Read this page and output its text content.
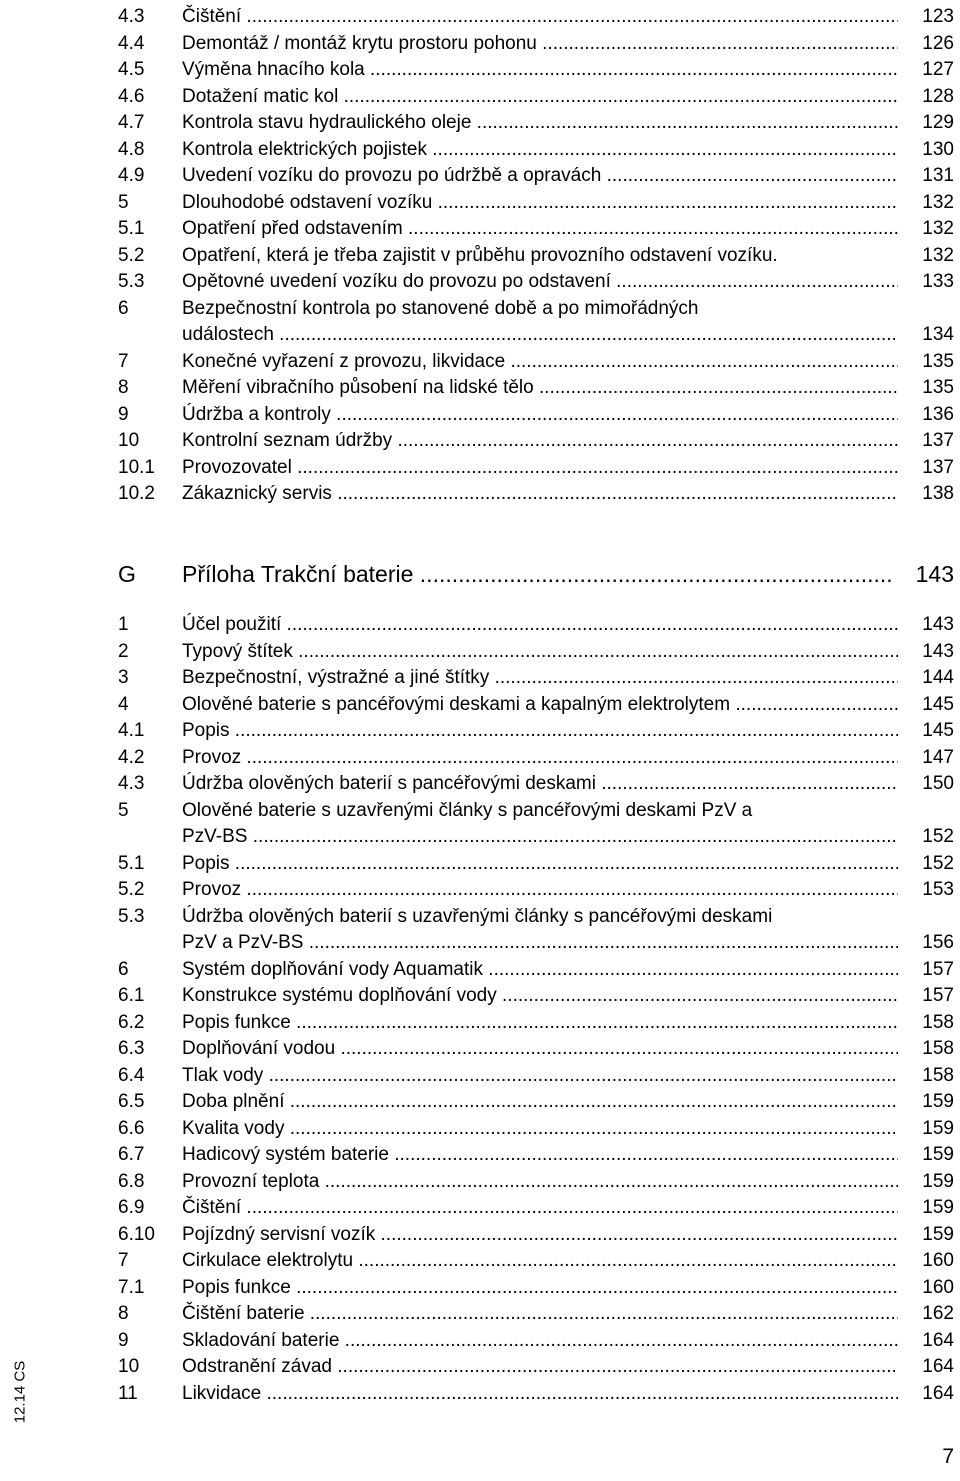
4.3 Čištění .....	123
4.4 Demontáž / montáž krytu prostoru pohonu .....	126
4.5 Výměna hnacího kola .....	127
4.6 Dotažení matic kol .....	128
4.7 Kontrola stavu hydraulického oleje .....	129
4.8 Kontrola elektrických pojistek .....	130
4.9 Uvedení vozíku do provozu po údržbě a opravách .....	131
5	Dlouhodobé odstavení vozíku .....	132
5.1 Opatření před odstavením .....	132
5.2 Opatření, která je třeba zajistit v průběhu provozního odstavení vozíku.	132
5.3 Opětovné uvedení vozíku do provozu po odstavení .....	133
6	Bezpečnostní kontrola po stanovené době a po mimořádných
událostech .....	134
7	Konečné vyřazení z provozu, likvidace .....	135
8	Měření vibračního působení na lidské tělo .....	135
9	Údržba a kontroly .....	136
10 Kontrolní seznam údržby .....	137
10.1 Provozovatel .....	137
10.2 Zákaznický servis .....	138
G Příloha Trakční baterie .....	143
1	Účel použití .....	143
2	Typový štítek .....	143
3	Bezpečnostní, výstražné a jiné štítky .....	144
4	Olověné baterie s pancéřovými deskami a kapalným elektrolytem .....	145
4.1 Popis .....	145
4.2 Provoz .....	147
4.3 Údržba olověných baterií s pancéřovými deskami .....	150
5	Olověné baterie s uzavřenými články s pancéřovými deskami PzV a
PzV-BS .....	152
5.1 Popis .....	152
5.2 Provoz .....	153
5.3 Údržba olověných baterií s uzavřenými články s pancéřovými deskami
PzV a PzV-BS .....	156
6	Systém doplňování vody Aquamatik .....	157
6.1 Konstrukce systému doplňování vody .....	157
6.2 Popis funkce .....	158
6.3 Doplňování vodou .....	158
6.4 Tlak vody .....	158
6.5 Doba plnění .....	159
6.6 Kvalita vody .....	159
6.7 Hadicový systém baterie .....	159
6.8 Provozní teplota .....	159
6.9 Čištění .....	159
6.10 Pojízdný servisní vozík .....	159
7	Cirkulace elektrolytu .....	160
7.1 Popis funkce .....	160
8	Čištění baterie .....	162
9	Skladování baterie .....	164
10 Odstranění závad .....	164
11 Likvidace .....	164
12.14 CS
7
